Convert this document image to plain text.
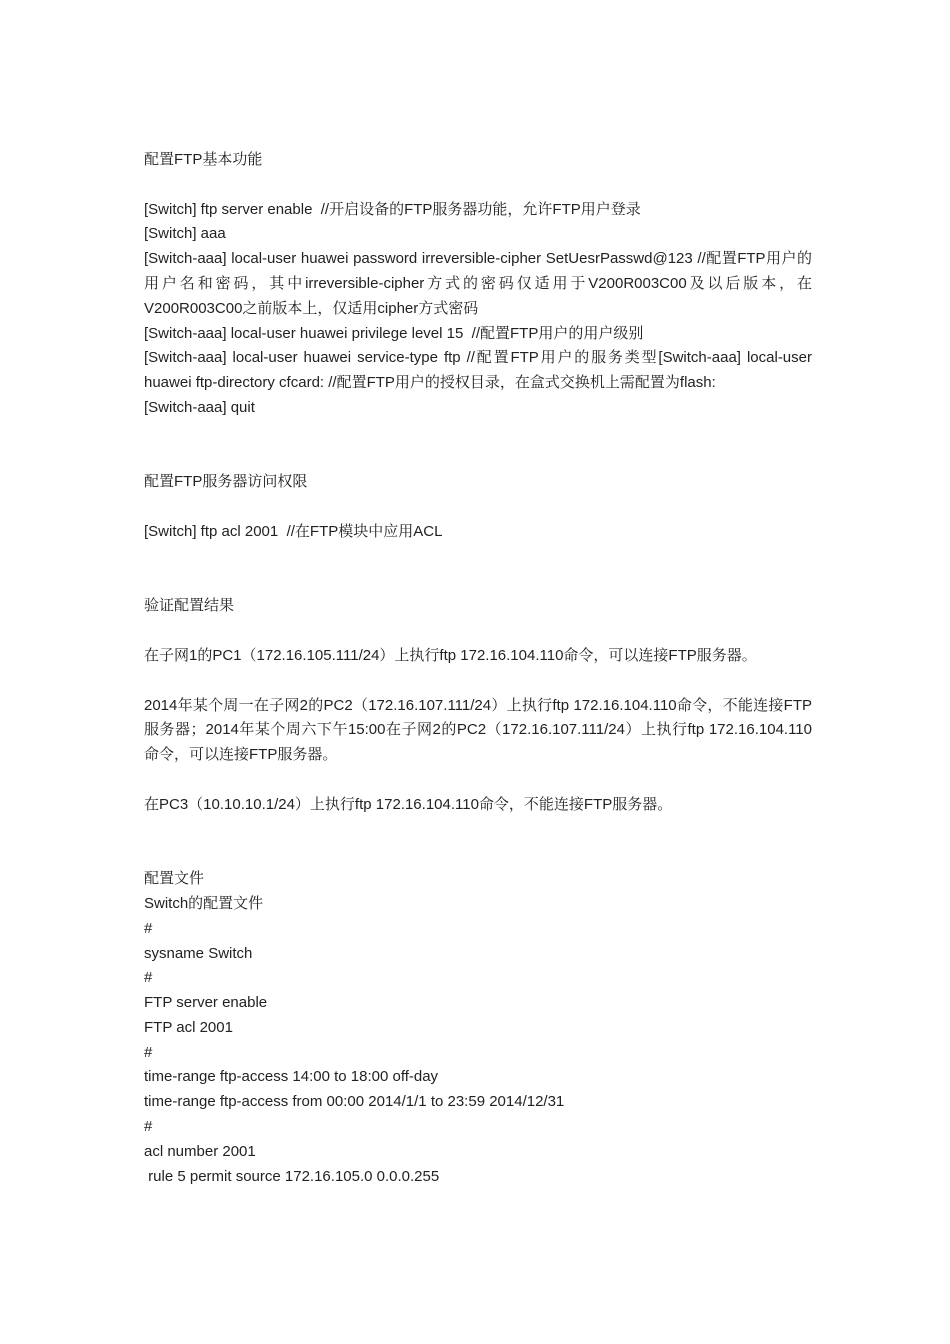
配置FTP基本功能

[Switch] ftp server enable  //开启设备的FTP服务器功能，允许FTP用户登录

[Switch] aaa

[Switch-aaa] local-user huawei password irreversible-cipher SetUesrPasswd@123 //配置FTP用户的用户名和密码，其中irreversible-cipher方式的密码仅适用于V200R003C00及以后版本，在V200R003C00之前版本上，仅适用cipher方式密码

[Switch-aaa] local-user huawei privilege level 15  //配置FTP用户的用户级别

[Switch-aaa] local-user huawei service-type ftp //配置FTP用户的服务类型[Switch-aaa] local-user huawei ftp-directory cfcard: //配置FTP用户的授权目录，在盒式交换机上需配置为flash:

[Switch-aaa] quit

配置FTP服务器访问权限

[Switch] ftp acl 2001  //在FTP模块中应用ACL

验证配置结果

在子网1的PC1（172.16.105.111/24）上执行ftp 172.16.104.110命令，可以连接FTP服务器。

2014年某个周一在子网2的PC2（172.16.107.111/24）上执行ftp 172.16.104.110命令，不能连接FTP服务器；2014年某个周六下午15:00在子网2的PC2（172.16.107.111/24）上执行ftp 172.16.104.110命令，可以连接FTP服务器。

在PC3（10.10.10.1/24）上执行ftp 172.16.104.110命令，不能连接FTP服务器。

配置文件

Switch的配置文件

#

sysname Switch

#

FTP server enable

FTP acl 2001

#

time-range ftp-access 14:00 to 18:00 off-day

time-range ftp-access from 00:00 2014/1/1 to 23:59 2014/12/31

#

acl number 2001

rule 5 permit source 172.16.105.0 0.0.0.255
